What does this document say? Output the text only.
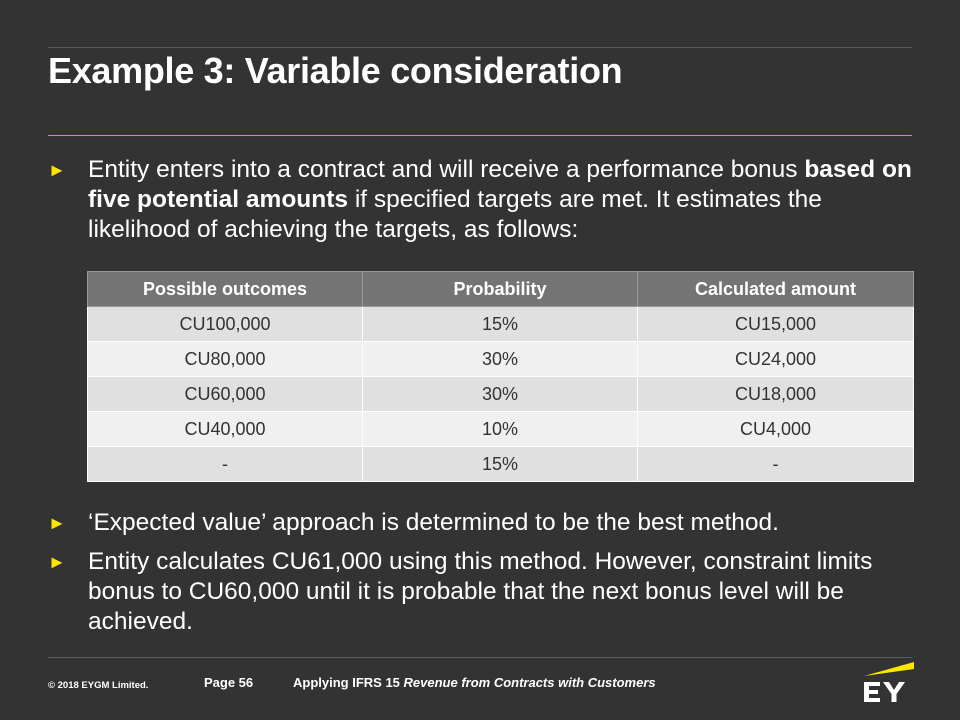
Example 3: Variable consideration
► Entity enters into a contract and will receive a performance bonus based on five potential amounts if specified targets are met. It estimates the likelihood of achieving the targets, as follows:
Possible outcomes	Probability	Calculated amount
CU100,000	15%	CU15,000
CU80,000	30%	CU24,000
CU60,000	30%	CU18,000
CU40,000	10%	CU4,000
-	15%	-
► ‘Expected value’ approach is determined to be the best method.
► Entity calculates CU61,000 using this method. However, constraint limits bonus to CU60,000 until it is probable that the next bonus level will be achieved.
© 2018 EYGM Limited.	Page 56	Applying IFRS 15 Revenue from Contracts with Customers
